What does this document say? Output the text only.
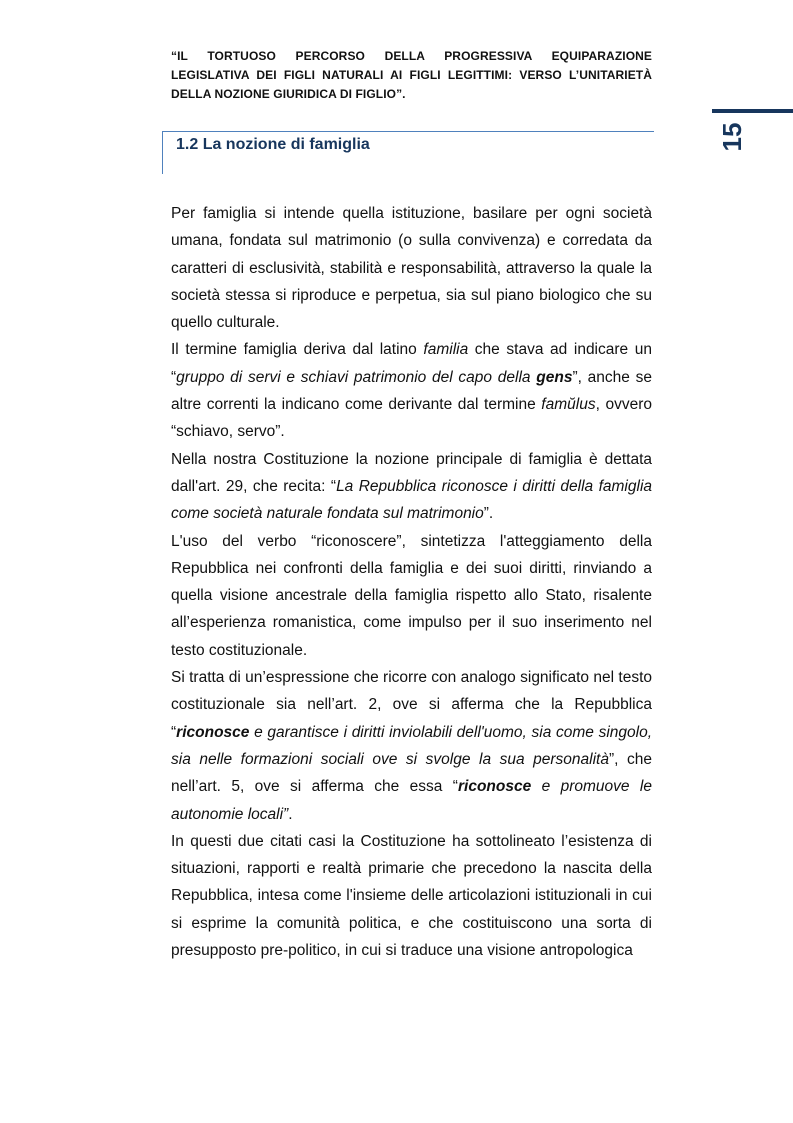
“IL TORTUOSO PERCORSO DELLA PROGRESSIVA EQUIPARAZIONE
LEGISLATIVA DEI FIGLI NATURALI AI FIGLI LEGITTIMI: VERSO L’UNITARIETÀ
DELLA NOZIONE GIURIDICA DI FIGLIO”.
15
1.2 La nozione di famiglia

Per famiglia si intende quella istituzione, basilare per ogni società umana, fondata sul matrimonio (o sulla convivenza) e corredata da caratteri di esclusività, stabilità e responsabilità, attraverso la quale la società stessa si riproduce e perpetua, sia sul piano biologico che su quello culturale.

Il termine famiglia deriva dal latino familia che stava ad indicare un “gruppo di servi e schiavi patrimonio del capo della gens”, anche se altre correnti la indicano come derivante dal termine famŭlus, ovvero “schiavo, servo”.

Nella nostra Costituzione la nozione principale di famiglia è dettata dall'art. 29, che recita: “La Repubblica riconosce i diritti della famiglia come società naturale fondata sul matrimonio”.

L'uso del verbo “riconoscere”, sintetizza l'atteggiamento della Repubblica nei confronti della famiglia e dei suoi diritti, rinviando a quella visione ancestrale della famiglia rispetto allo Stato, risalente all’esperienza romanistica, come impulso per il suo inserimento nel testo costituzionale.

Si tratta di un’espressione che ricorre con analogo significato nel testo costituzionale sia nell’art. 2, ove si afferma che la Repubblica “riconosce e garantisce i diritti inviolabili dell'uomo, sia come singolo, sia nelle formazioni sociali ove si svolge la sua personalità”, che nell’art. 5, ove si afferma che essa “riconosce e promuove le autonomie locali”.

In questi due citati casi la Costituzione ha sottolineato l’esistenza di situazioni, rapporti e realtà primarie che precedono la nascita della Repubblica, intesa come l'insieme delle articolazioni istituzionali in cui si esprime la comunità politica, e che costituiscono una sorta di presupposto pre-politico, in cui si traduce una visione antropologica
